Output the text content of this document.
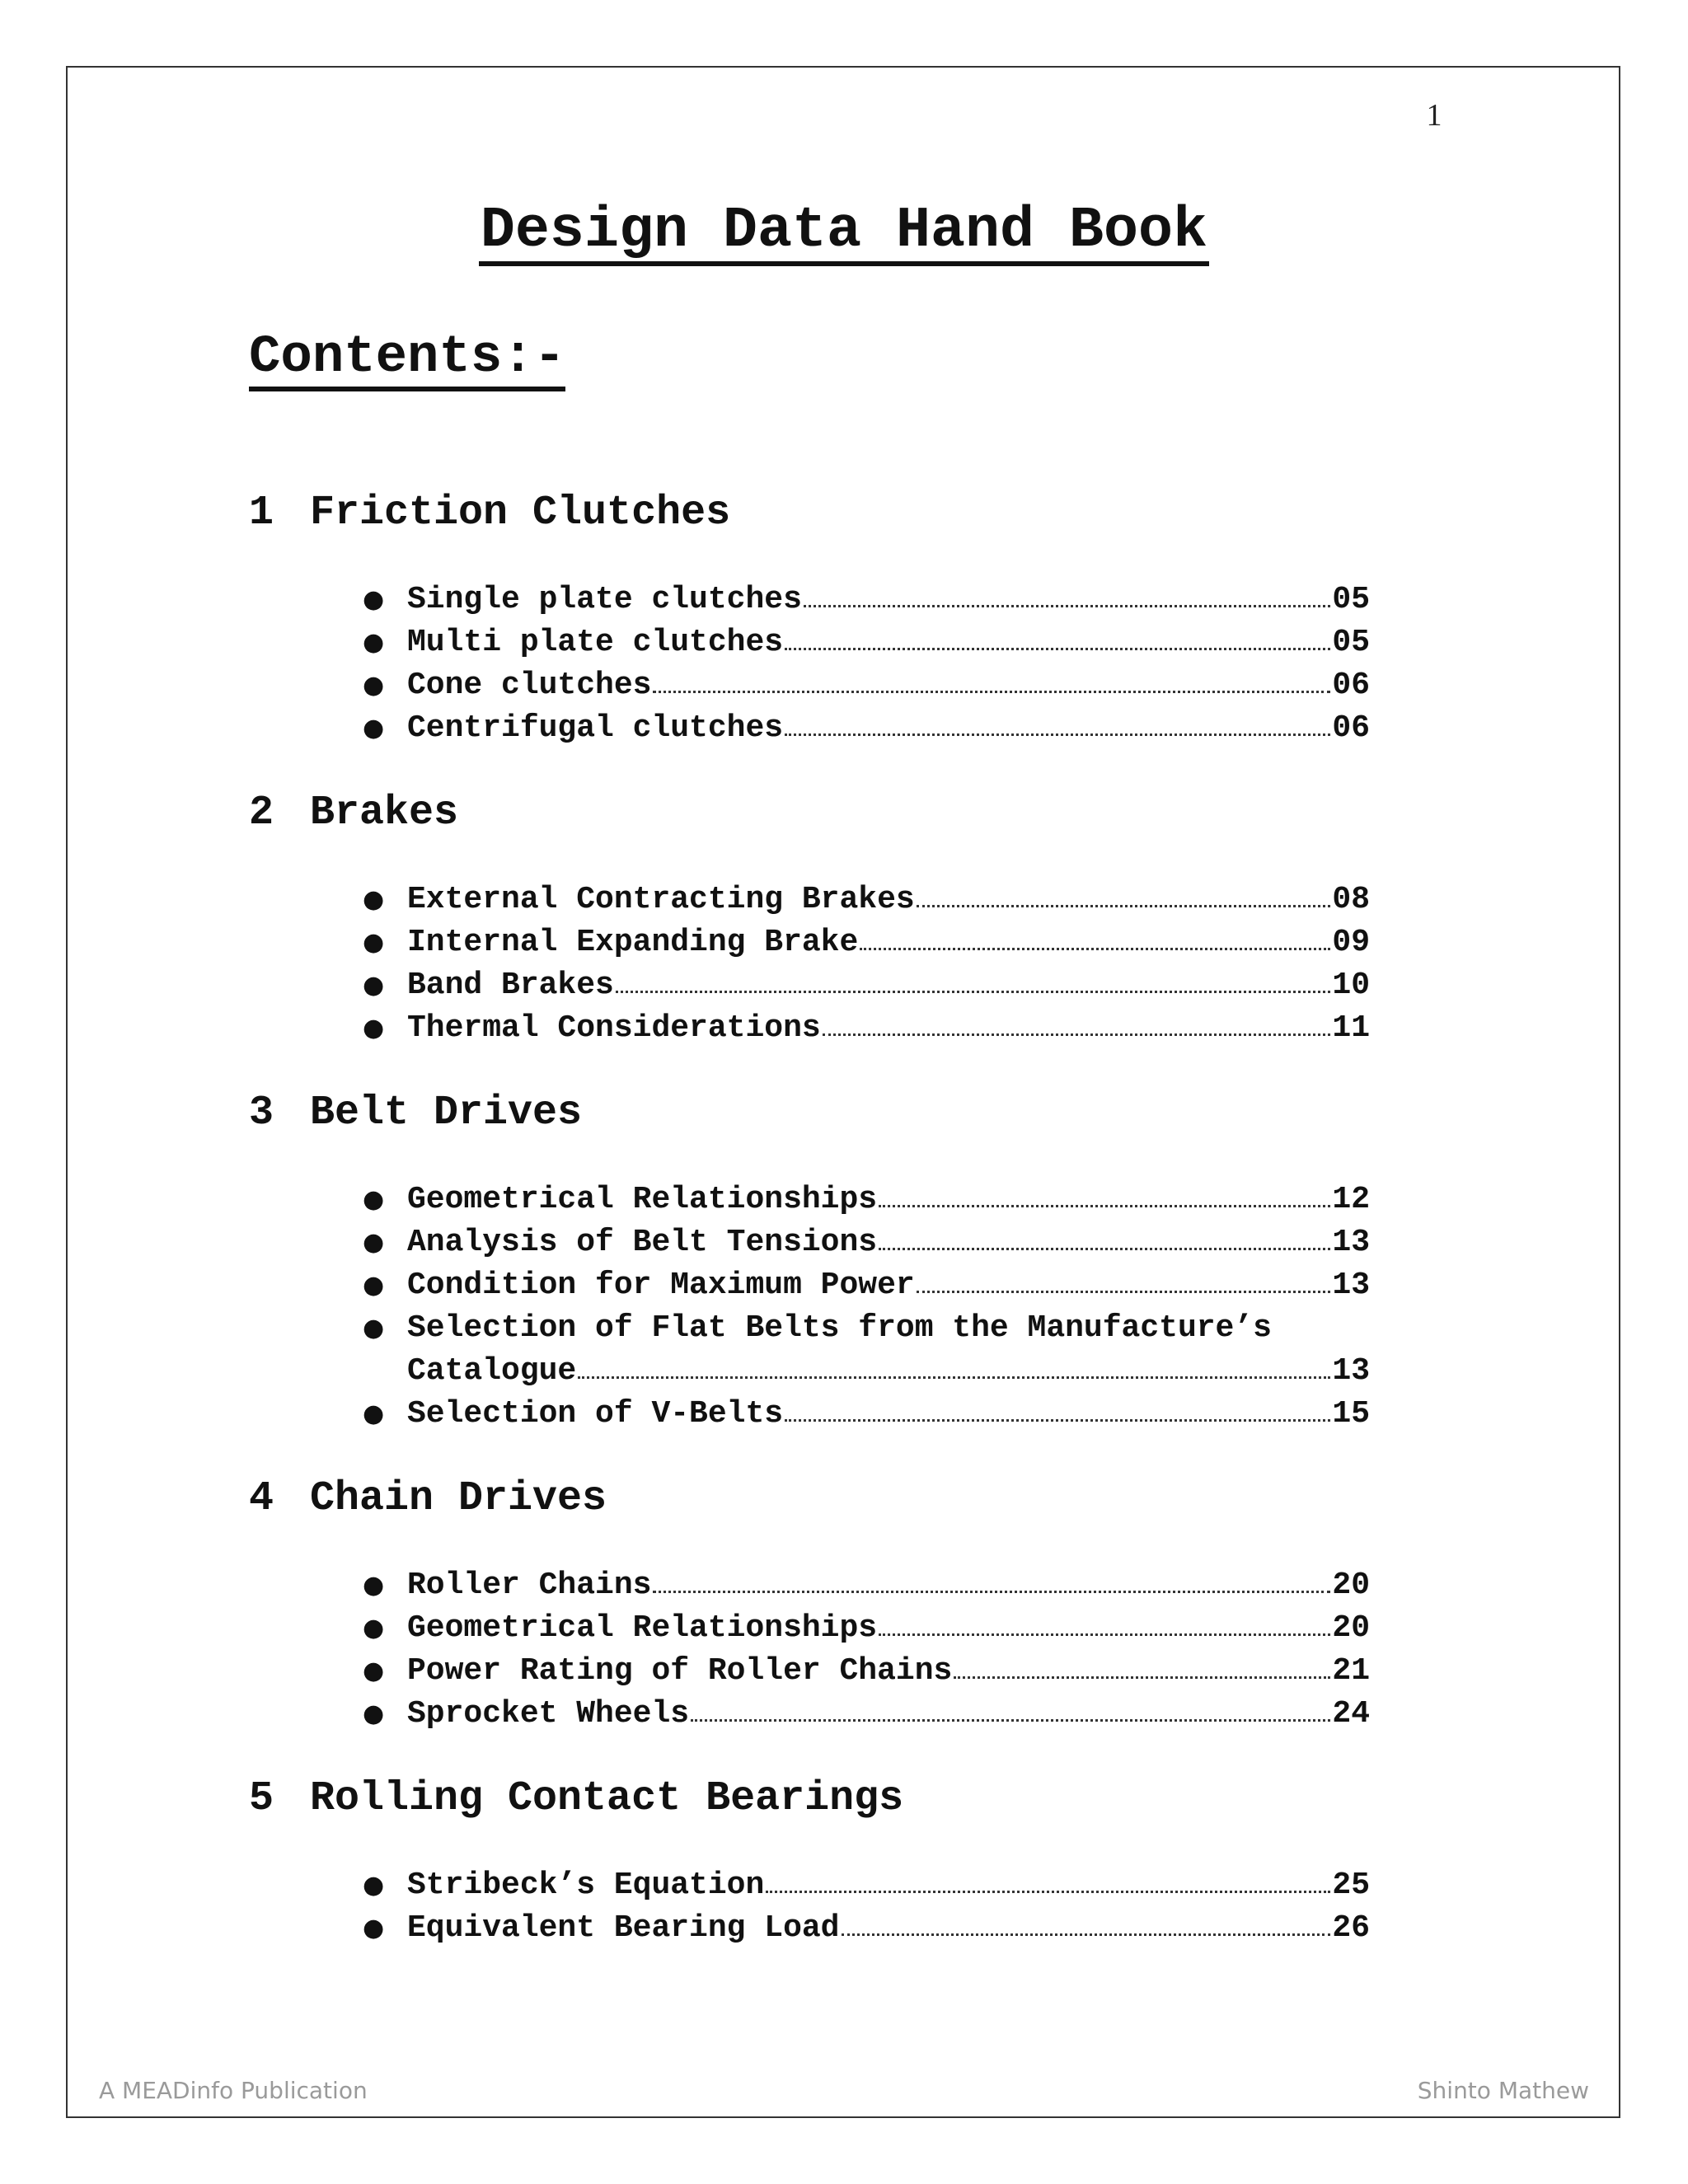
1
Design Data Hand Book
Contents:-
1 Friction Clutches
● Single plate clutches	05
● Multi plate clutches	05
● Cone clutches	06
● Centrifugal clutches	06
2 Brakes
● External Contracting Brakes	08
● Internal Expanding Brake	09
● Band Brakes	10
● Thermal Considerations	11
3 Belt Drives
● Geometrical Relationships	12
● Analysis of Belt Tensions	13
● Condition for Maximum Power	13
● Selection of Flat Belts from the Manufacture’s
Catalogue	13
● Selection of V-Belts	15
4 Chain Drives
● Roller Chains	20
● Geometrical Relationships	20
● Power Rating of Roller Chains	21
● Sprocket Wheels	24
5 Rolling Contact Bearings
● Stribeck’s Equation	25
● Equivalent Bearing Load	26
A MEADinfo Publication	Shinto Mathew
